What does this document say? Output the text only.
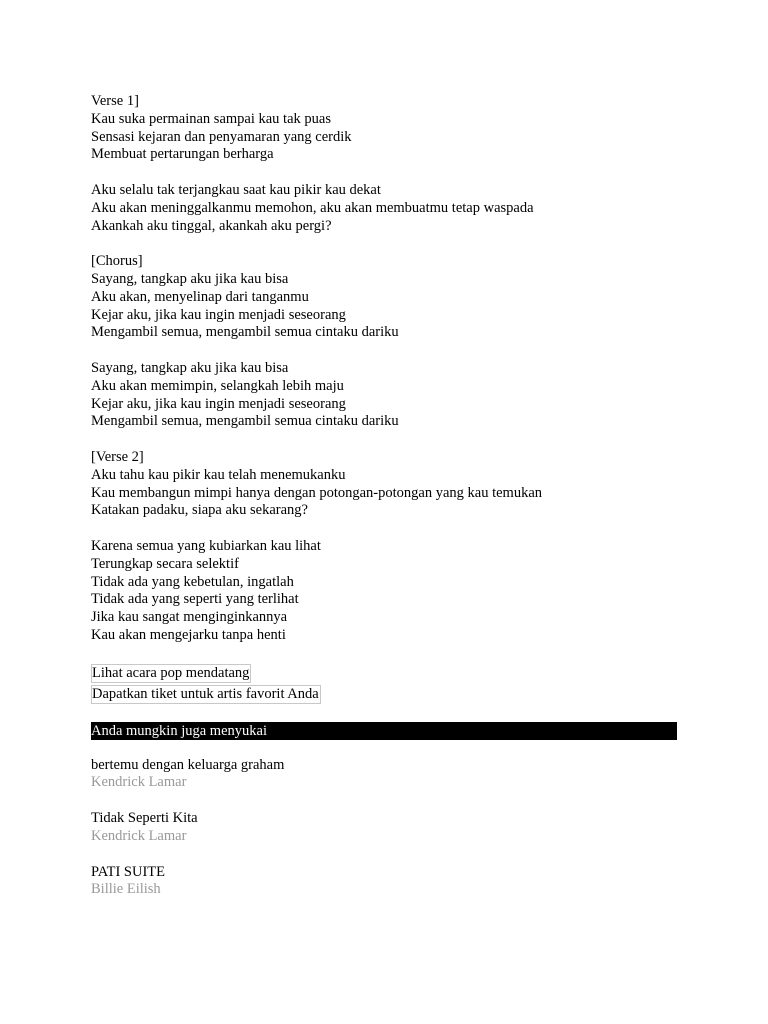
Verse 1]
Kau suka permainan sampai kau tak puas
Sensasi kejaran dan penyamaran yang cerdik
Membuat pertarungan berharga
Aku selalu tak terjangkau saat kau pikir kau dekat
Aku akan meninggalkanmu memohon, aku akan membuatmu tetap waspada
Akankah aku tinggal, akankah aku pergi?
[Chorus]
Sayang, tangkap aku jika kau bisa
Aku akan, menyelinap dari tanganmu
Kejar aku, jika kau ingin menjadi seseorang
Mengambil semua, mengambil semua cintaku dariku
Sayang, tangkap aku jika kau bisa
Aku akan memimpin, selangkah lebih maju
Kejar aku, jika kau ingin menjadi seseorang
Mengambil semua, mengambil semua cintaku dariku
[Verse 2]
Aku tahu kau pikir kau telah menemukanku
Kau membangun mimpi hanya dengan potongan-potongan yang kau temukan
Katakan padaku, siapa aku sekarang?
Karena semua yang kubiarkan kau lihat
Terungkap secara selektif
Tidak ada yang kebetulan, ingatlah
Tidak ada yang seperti yang terlihat
Jika kau sangat menginginkannya
Kau akan mengejarku tanpa henti
Lihat acara pop mendatang
Dapatkan tiket untuk artis favorit Anda
Anda mungkin juga menyukai
bertemu dengan keluarga graham
Kendrick Lamar
Tidak Seperti Kita
Kendrick Lamar
PATI SUITE
Billie Eilish
